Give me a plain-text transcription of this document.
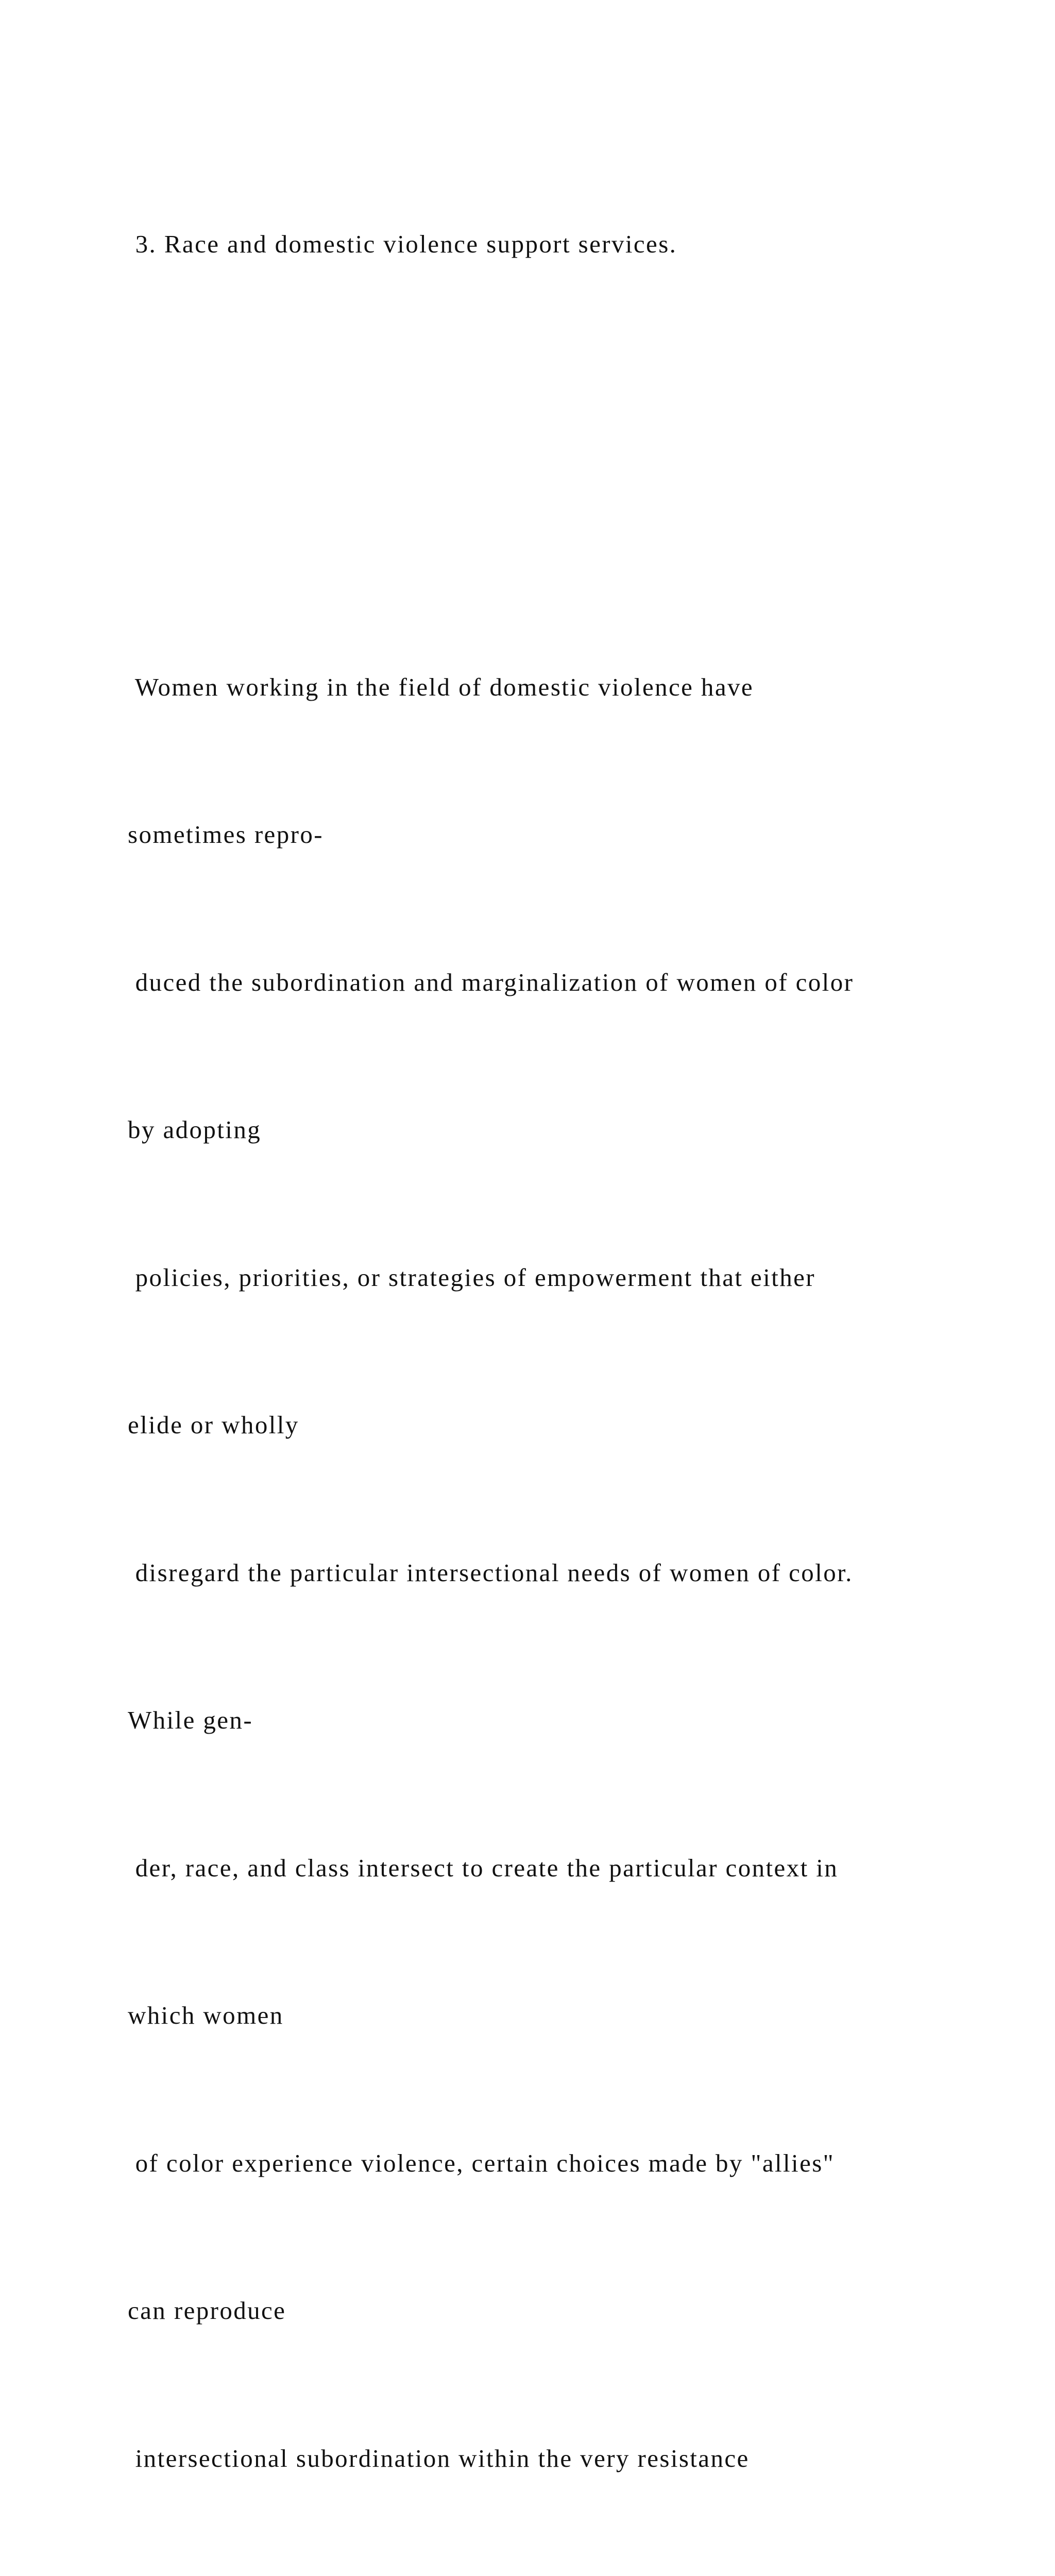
3. Race and domestic violence support services.

Women working in the field of domestic violence have

sometimes repro-

duced the subordination and marginalization of women of color

by adopting

policies, priorities, or strategies of empowerment that either

elide or wholly

disregard the particular intersectional needs of women of color.

While gen-

der, race, and class intersect to create the particular context in

which women

of color experience violence, certain choices made by "allies"

can reproduce

intersectional subordination within the very resistance
